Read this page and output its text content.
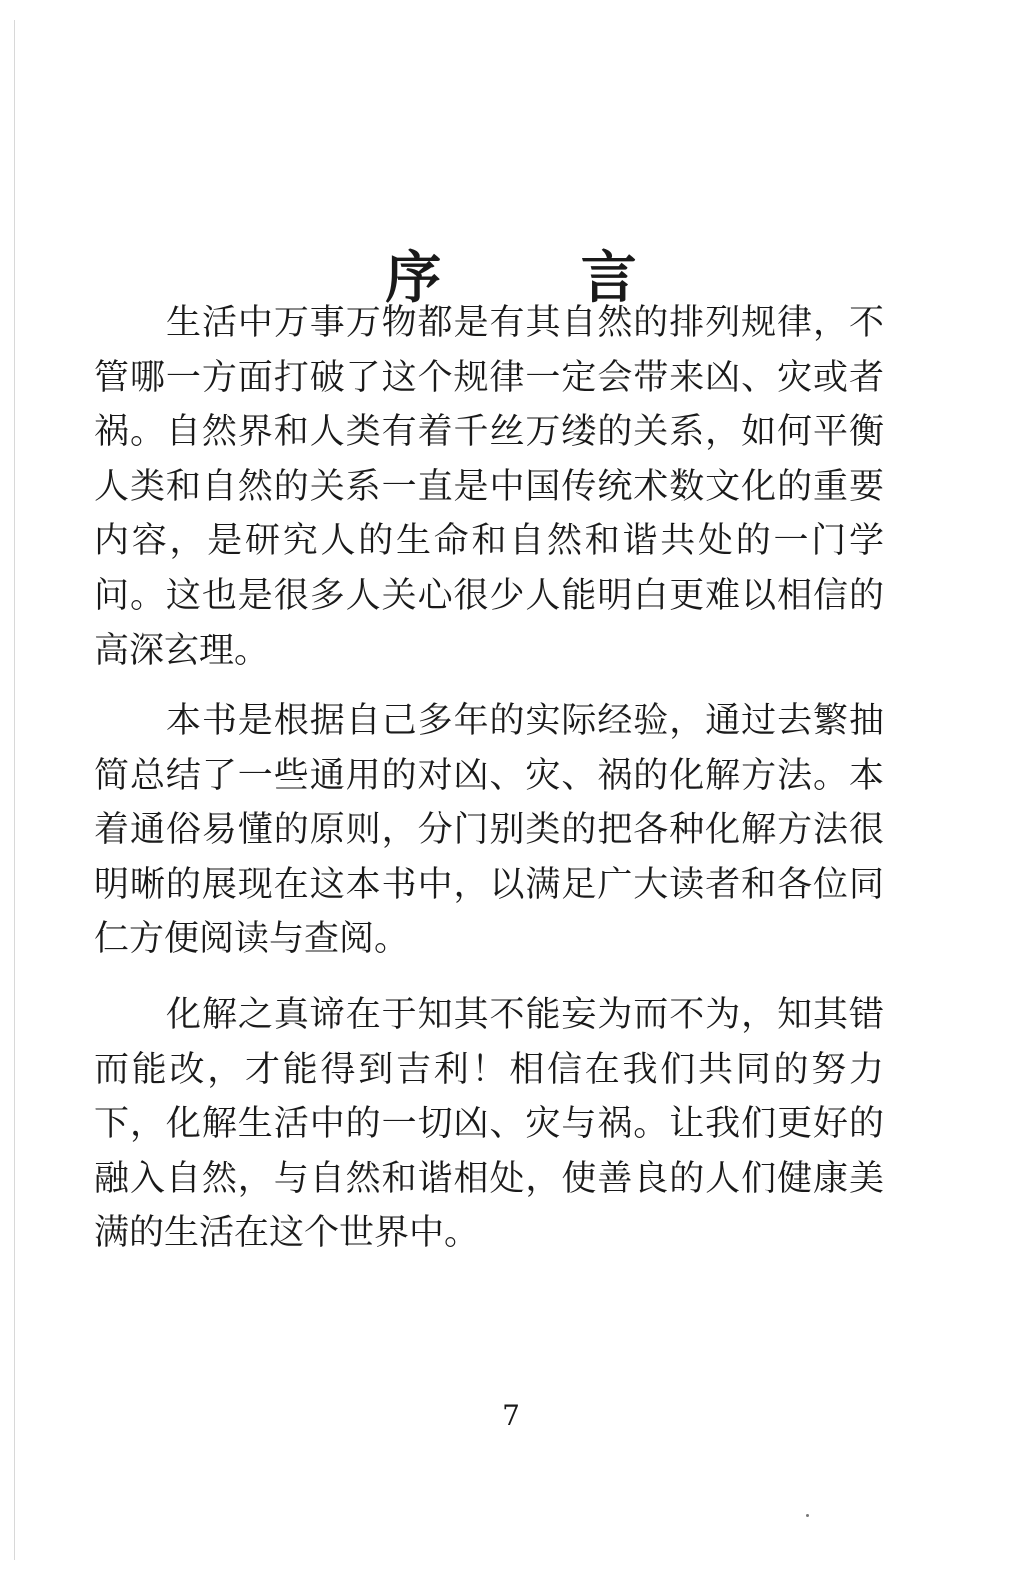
序 言

生活中万事万物都是有其自然的排列规律，不管哪一方面打破了这个规律一定会带来凶、灾或者祸。自然界和人类有着千丝万缕的关系，如何平衡人类和自然的关系一直是中国传统术数文化的重要内容，是研究人的生命和自然和谐共处的一门学问。这也是很多人关心很少人能明白更难以相信的高深玄理。

本书是根据自己多年的实际经验，通过去繁抽简总结了一些通用的对凶、灾、祸的化解方法。本着通俗易懂的原则，分门别类的把各种化解方法很明晰的展现在这本书中，以满足广大读者和各位同仁方便阅读与查阅。

化解之真谛在于知其不能妄为而不为，知其错而能改，才能得到吉利！相信在我们共同的努力下，化解生活中的一切凶、灾与祸。让我们更好的融入自然，与自然和谐相处，使善良的人们健康美满的生活在这个世界中。

7
